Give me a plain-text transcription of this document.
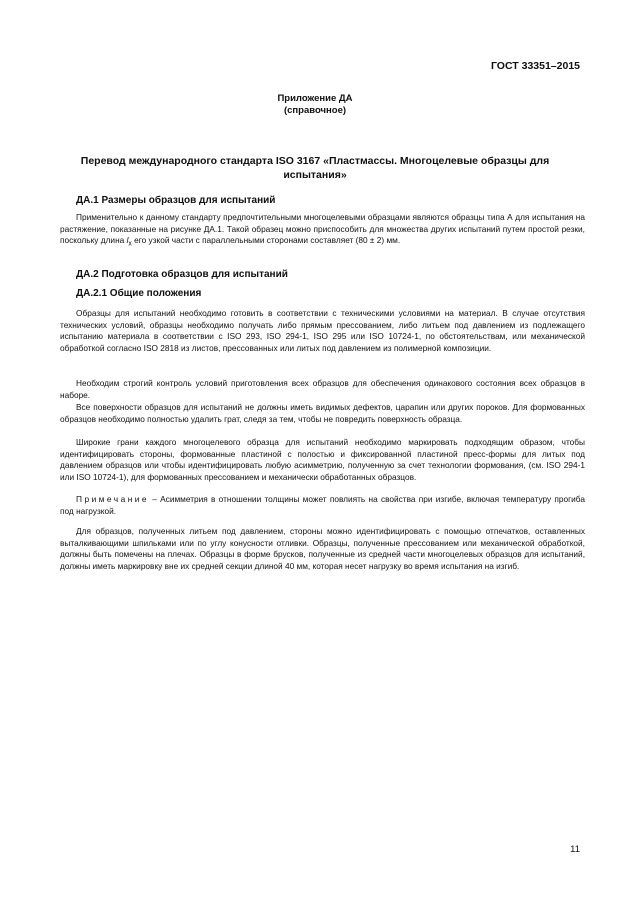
ГОСТ 33351–2015
Приложение ДА
(справочное)
Перевод международного стандарта ISO 3167 «Пластмассы. Многоцелевые образцы для испытания»
ДА.1 Размеры образцов для испытаний

Применительно к данному стандарту предпочтительными многоцелевыми образцами являются образцы типа А для испытания на растяжение, показанные на рисунке ДА.1. Такой образец можно приспособить для множества других испытаний путем простой резки, поскольку длина $l_x$ его узкой части с параллельными сторонами составляет (80 ± 2) мм.

ДА.2 Подготовка образцов для испытаний
ДА.2.1 Общие положения

Образцы для испытаний необходимо готовить в соответствии с техническими условиями на материал. В случае отсутствия технических условий, образцы необходимо получать либо прямым прессованием, либо литьем под давлением из подлежащего испытанию материала в соответствии с ISO 293, ISO 294-1, ISO 295 или ISO 10724-1, по обстоятельствам, или механической обработкой согласно ISO 2818 из листов, прессованных или литых под давлением из полимерной композиции.

Необходим строгий контроль условий приготовления всех образцов для обеспечения одинакового состояния всех образцов в наборе.

Все поверхности образцов для испытаний не должны иметь видимых дефектов, царапин или других пороков. Для формованных образцов необходимо полностью удалить грат, следя за тем, чтобы не повредить поверхность образца.

Широкие грани каждого многоцелевого образца для испытаний необходимо маркировать подходящим образом, чтобы идентифицировать стороны, формованные пластиной с полостью и фиксированной пластиной пресс-формы для литых под давлением образцов или чтобы идентифицировать любую асимметрию, полученную за счет технологии формования, (см. ISO 294-1 или ISO 10724-1), для формованных прессованием и механически обработанных образцов.

Примечание – Асимметрия в отношении толщины может повлиять на свойства при изгибе, включая температуру прогиба под нагрузкой.

Для образцов, полученных литьем под давлением, стороны можно идентифицировать с помощью отпечатков, оставленных выталкивающими шпильками или по углу конусности отливки. Образцы, полученные прессованием или механической обработкой, должны быть помечены на плечах. Образцы в форме брусков, полученные из средней части многоцелевых образцов для испытаний, должны иметь маркировку вне их средней секции длиной 40 мм, которая несет нагрузку во время испытания на изгиб.

11
